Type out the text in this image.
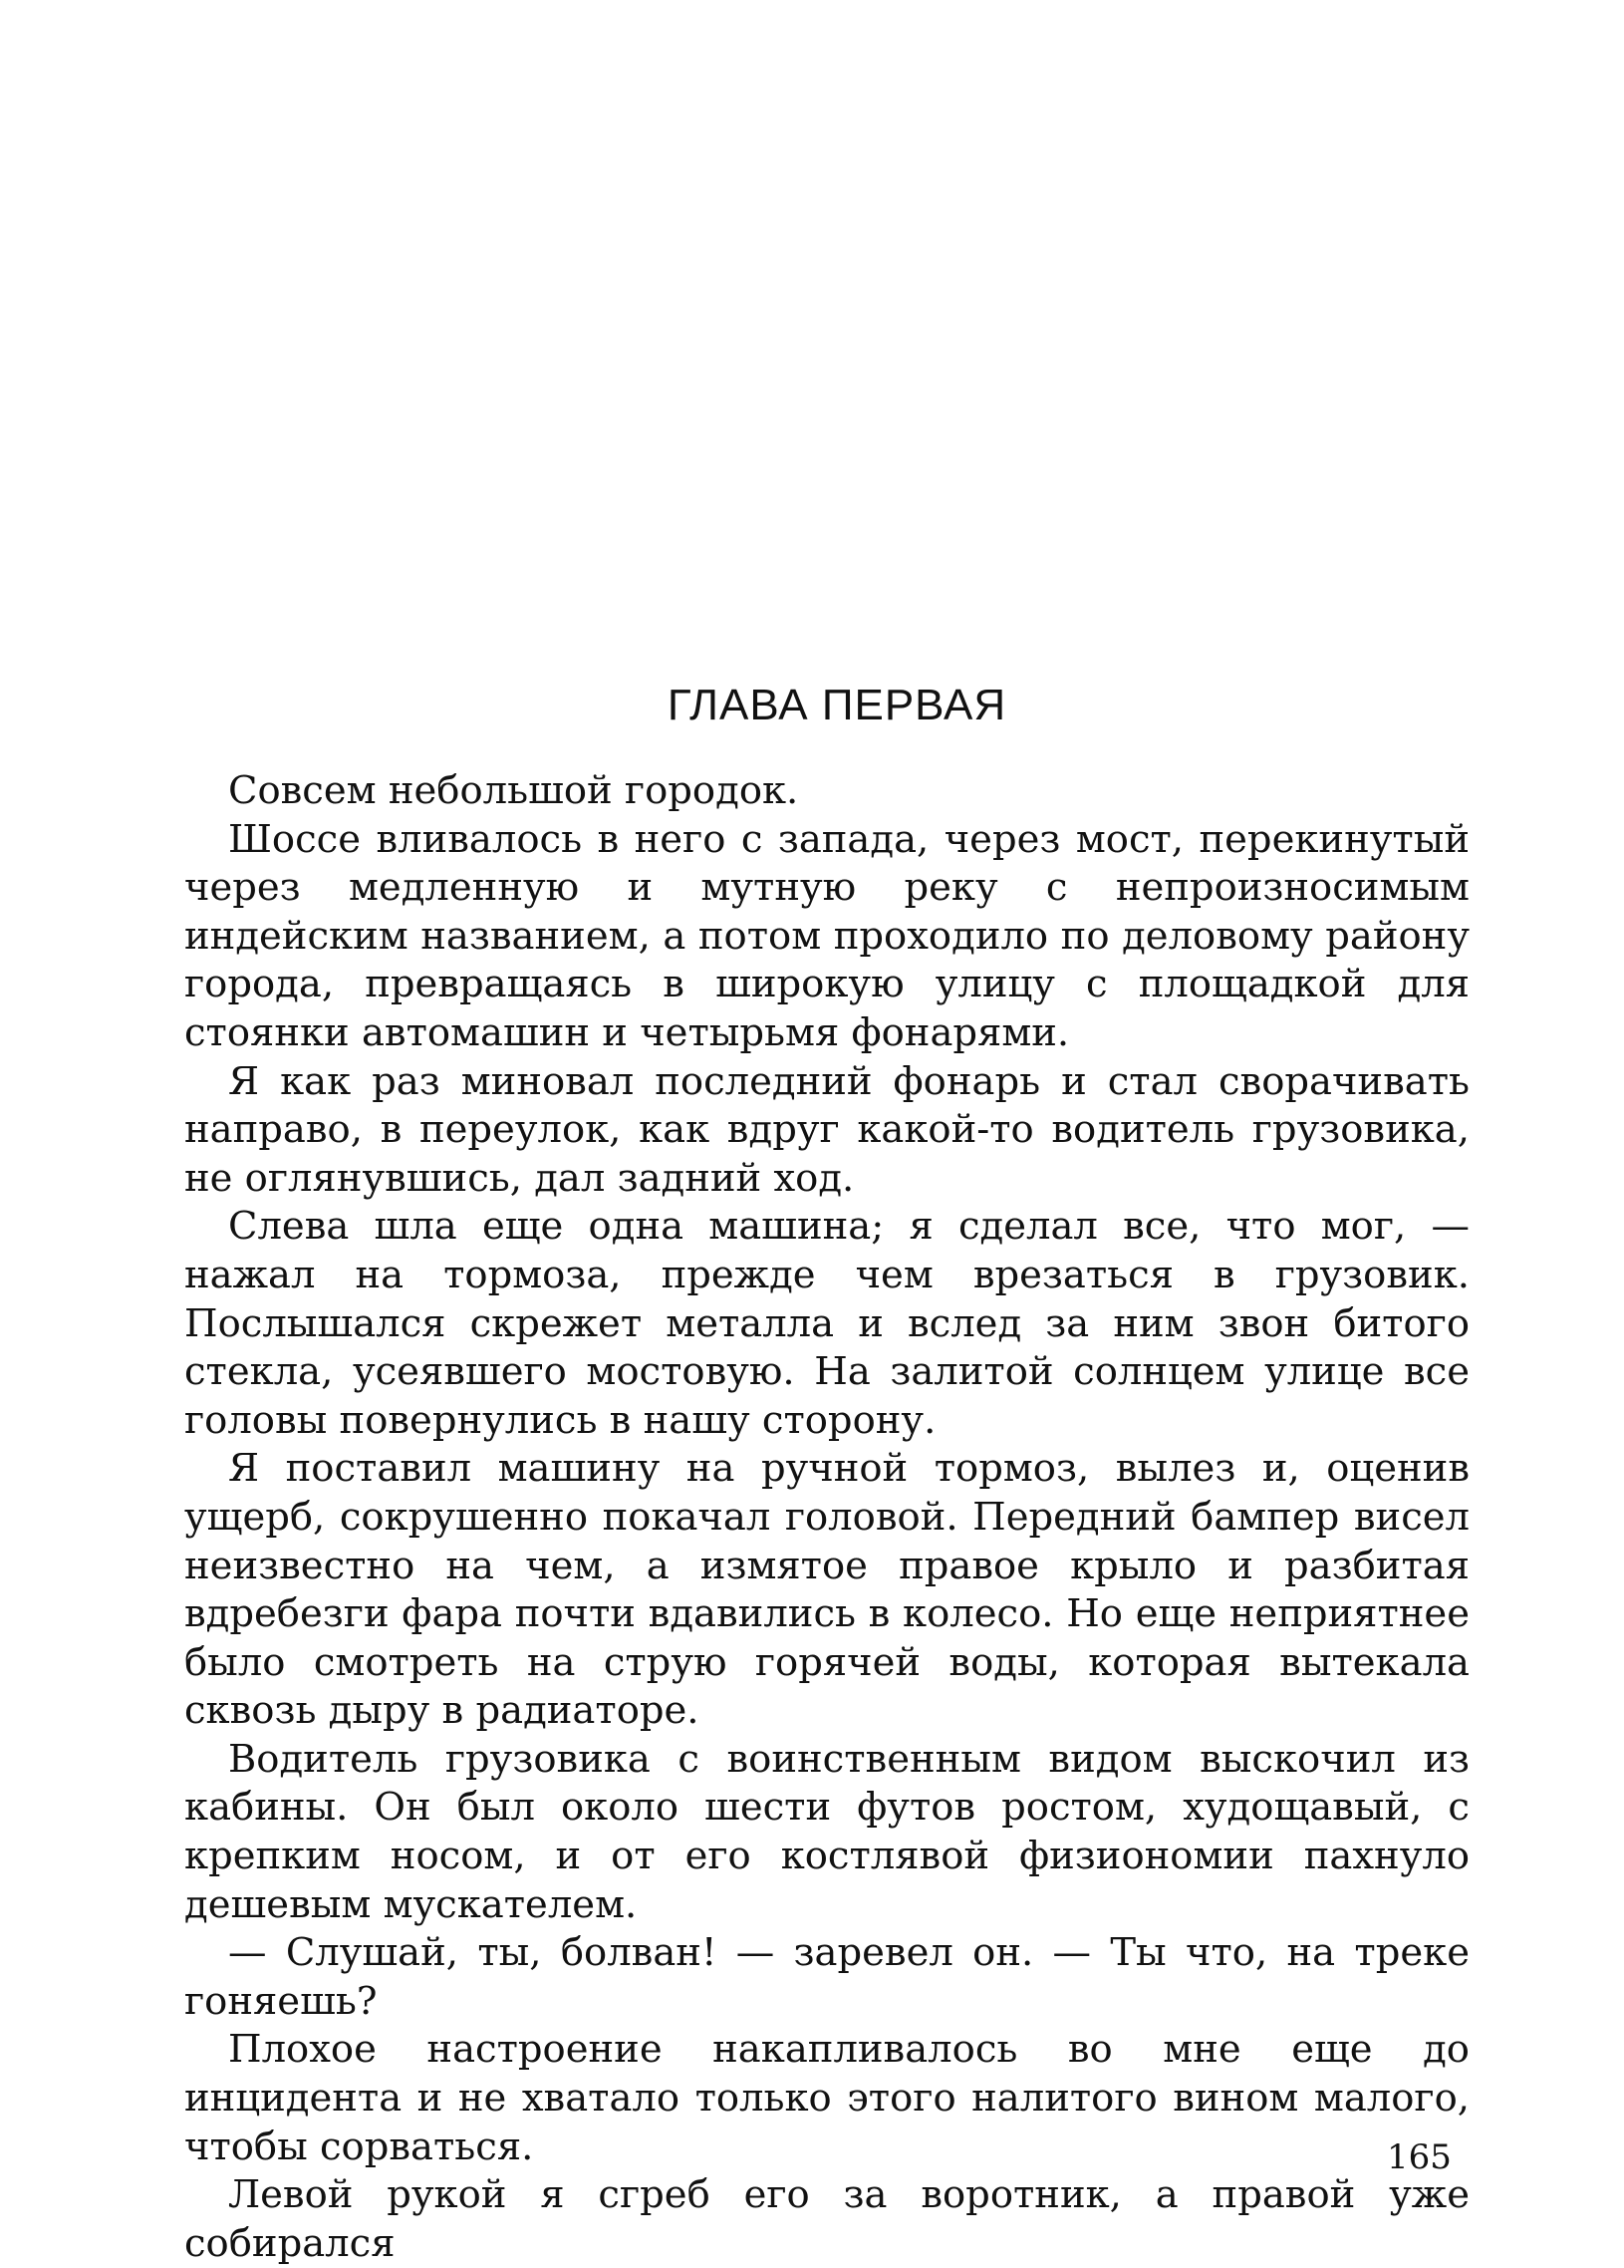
ГЛАВА ПЕРВАЯ

Совсем небольшой городок.

Шоссе вливалось в него с запада, через мост, перекинутый через медленную и мутную реку с непроизносимым индейским названием, а потом проходило по деловому району города, превращаясь в широкую улицу с площадкой для стоянки автомашин и четырьмя фонарями.

Я как раз миновал последний фонарь и стал сворачивать направо, в переулок, как вдруг какой-то водитель грузовика, не оглянувшись, дал задний ход.

Слева шла еще одна машина; я сделал все, что мог, — нажал на тормоза, прежде чем врезаться в грузовик. Послышался скрежет металла и вслед за ним звон битого стекла, усеявшего мостовую. На залитой солнцем улице все головы повернулись в нашу сторону.

Я поставил машину на ручной тормоз, вылез и, оценив ущерб, сокрушенно покачал головой. Передний бампер висел неизвестно на чем, а измятое правое крыло и разбитая вдребезги фара почти вдавились в колесо. Но еще неприятнее было смотреть на струю горячей воды, которая вытекала сквозь дыру в радиаторе.

Водитель грузовика с воинственным видом выскочил из кабины. Он был около шести футов ростом, худощавый, с крепким носом, и от его костлявой физиономии пахнуло дешевым мускателем.

— Слушай, ты, болван! — заревел он. — Ты что, на треке гоняешь?

Плохое настроение накапливалось во мне еще до инцидента и не хватало только этого налитого вином малого, чтобы сорваться.

Левой рукой я сгреб его за воротник, а правой уже собирался

165
